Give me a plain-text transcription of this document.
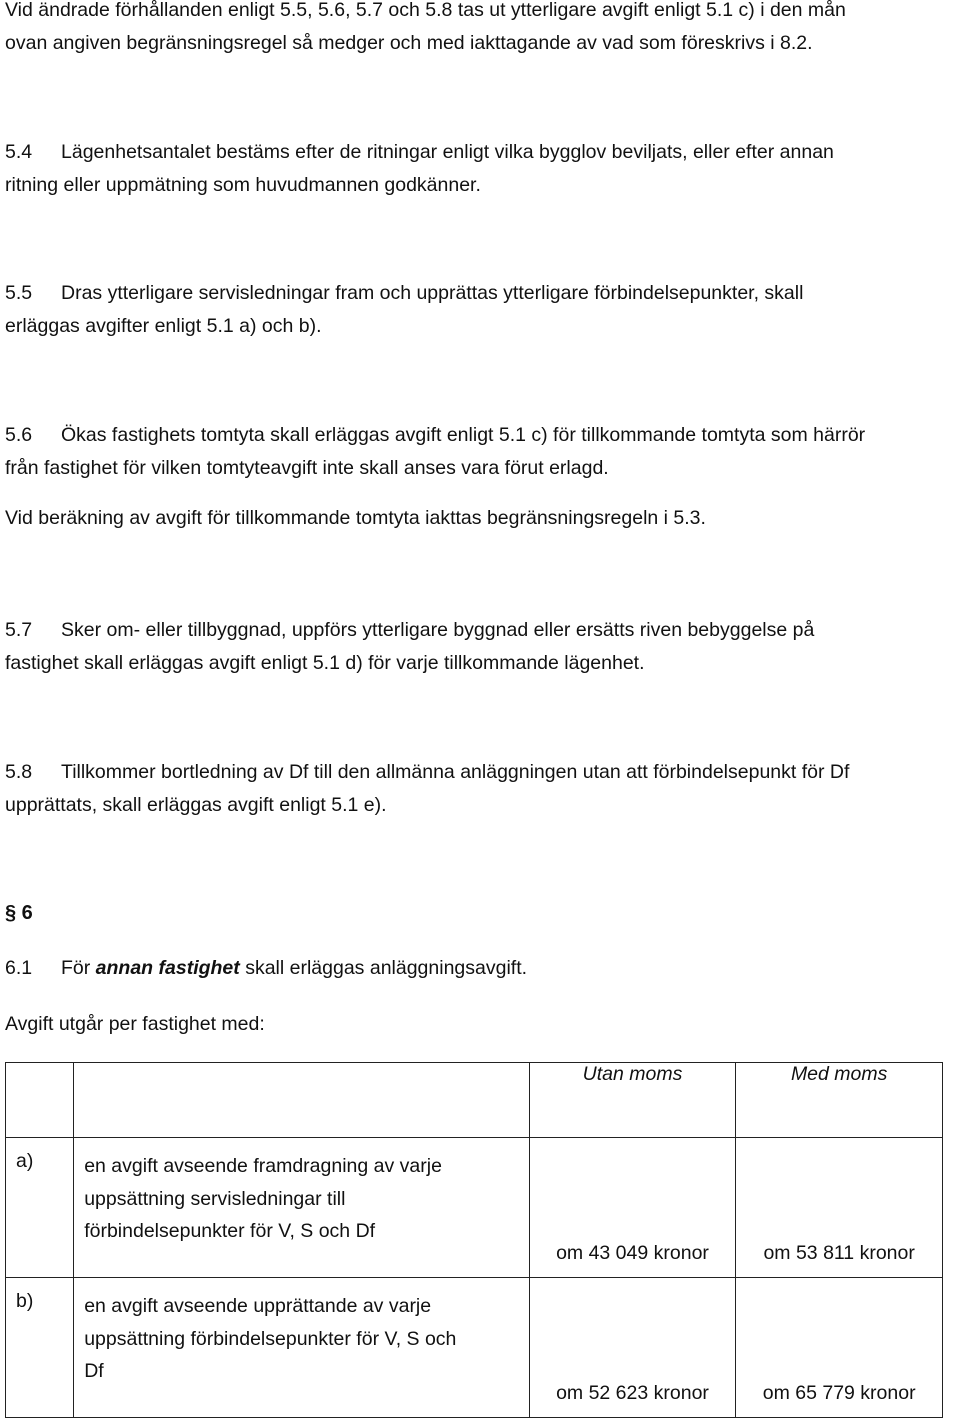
Vid ändrade förhållanden enligt 5.5, 5.6, 5.7 och 5.8 tas ut ytterligare avgift enligt 5.1 c) i den mån
ovan angiven begränsningsregel så medger och med iakttagande av vad som föreskrivs i 8.2.
5.4 Lägenhetsantalet bestäms efter de ritningar enligt vilka bygglov beviljats, eller efter annan
ritning eller uppmätning som huvudmannen godkänner.
5.5 Dras ytterligare servisledningar fram och upprättas ytterligare förbindelsepunkter, skall
erläggas avgifter enligt 5.1 a) och b).
5.6 Ökas fastighets tomtyta skall erläggas avgift enligt 5.1 c) för tillkommande tomtyta som härrör
från fastighet för vilken tomtyteavgift inte skall anses vara förut erlagd.
Vid beräkning av avgift för tillkommande tomtyta iakttas begränsningsregeln i 5.3.
5.7 Sker om- eller tillbyggnad, uppförs ytterligare byggnad eller ersätts riven bebyggelse på
fastighet skall erläggas avgift enligt 5.1 d) för varje tillkommande lägenhet.
5.8 Tillkommer bortledning av Df till den allmänna anläggningen utan att förbindelsepunkt för Df
upprättats, skall erläggas avgift enligt 5.1 e).
§ 6
6.1 För annan fastighet skall erläggas anläggningsavgift.
Avgift utgår per fastighet med:
		Utan moms	Med moms
a)	en avgift avseende framdragning av varje
uppsättning servisledningar till
förbindelsepunkter för V, S och Df	om 43 049 kronor	om 53 811 kronor
b)	en avgift avseende upprättande av varje
uppsättning förbindelsepunkter för V, S och
Df	om 52 623 kronor	om 65 779 kronor
